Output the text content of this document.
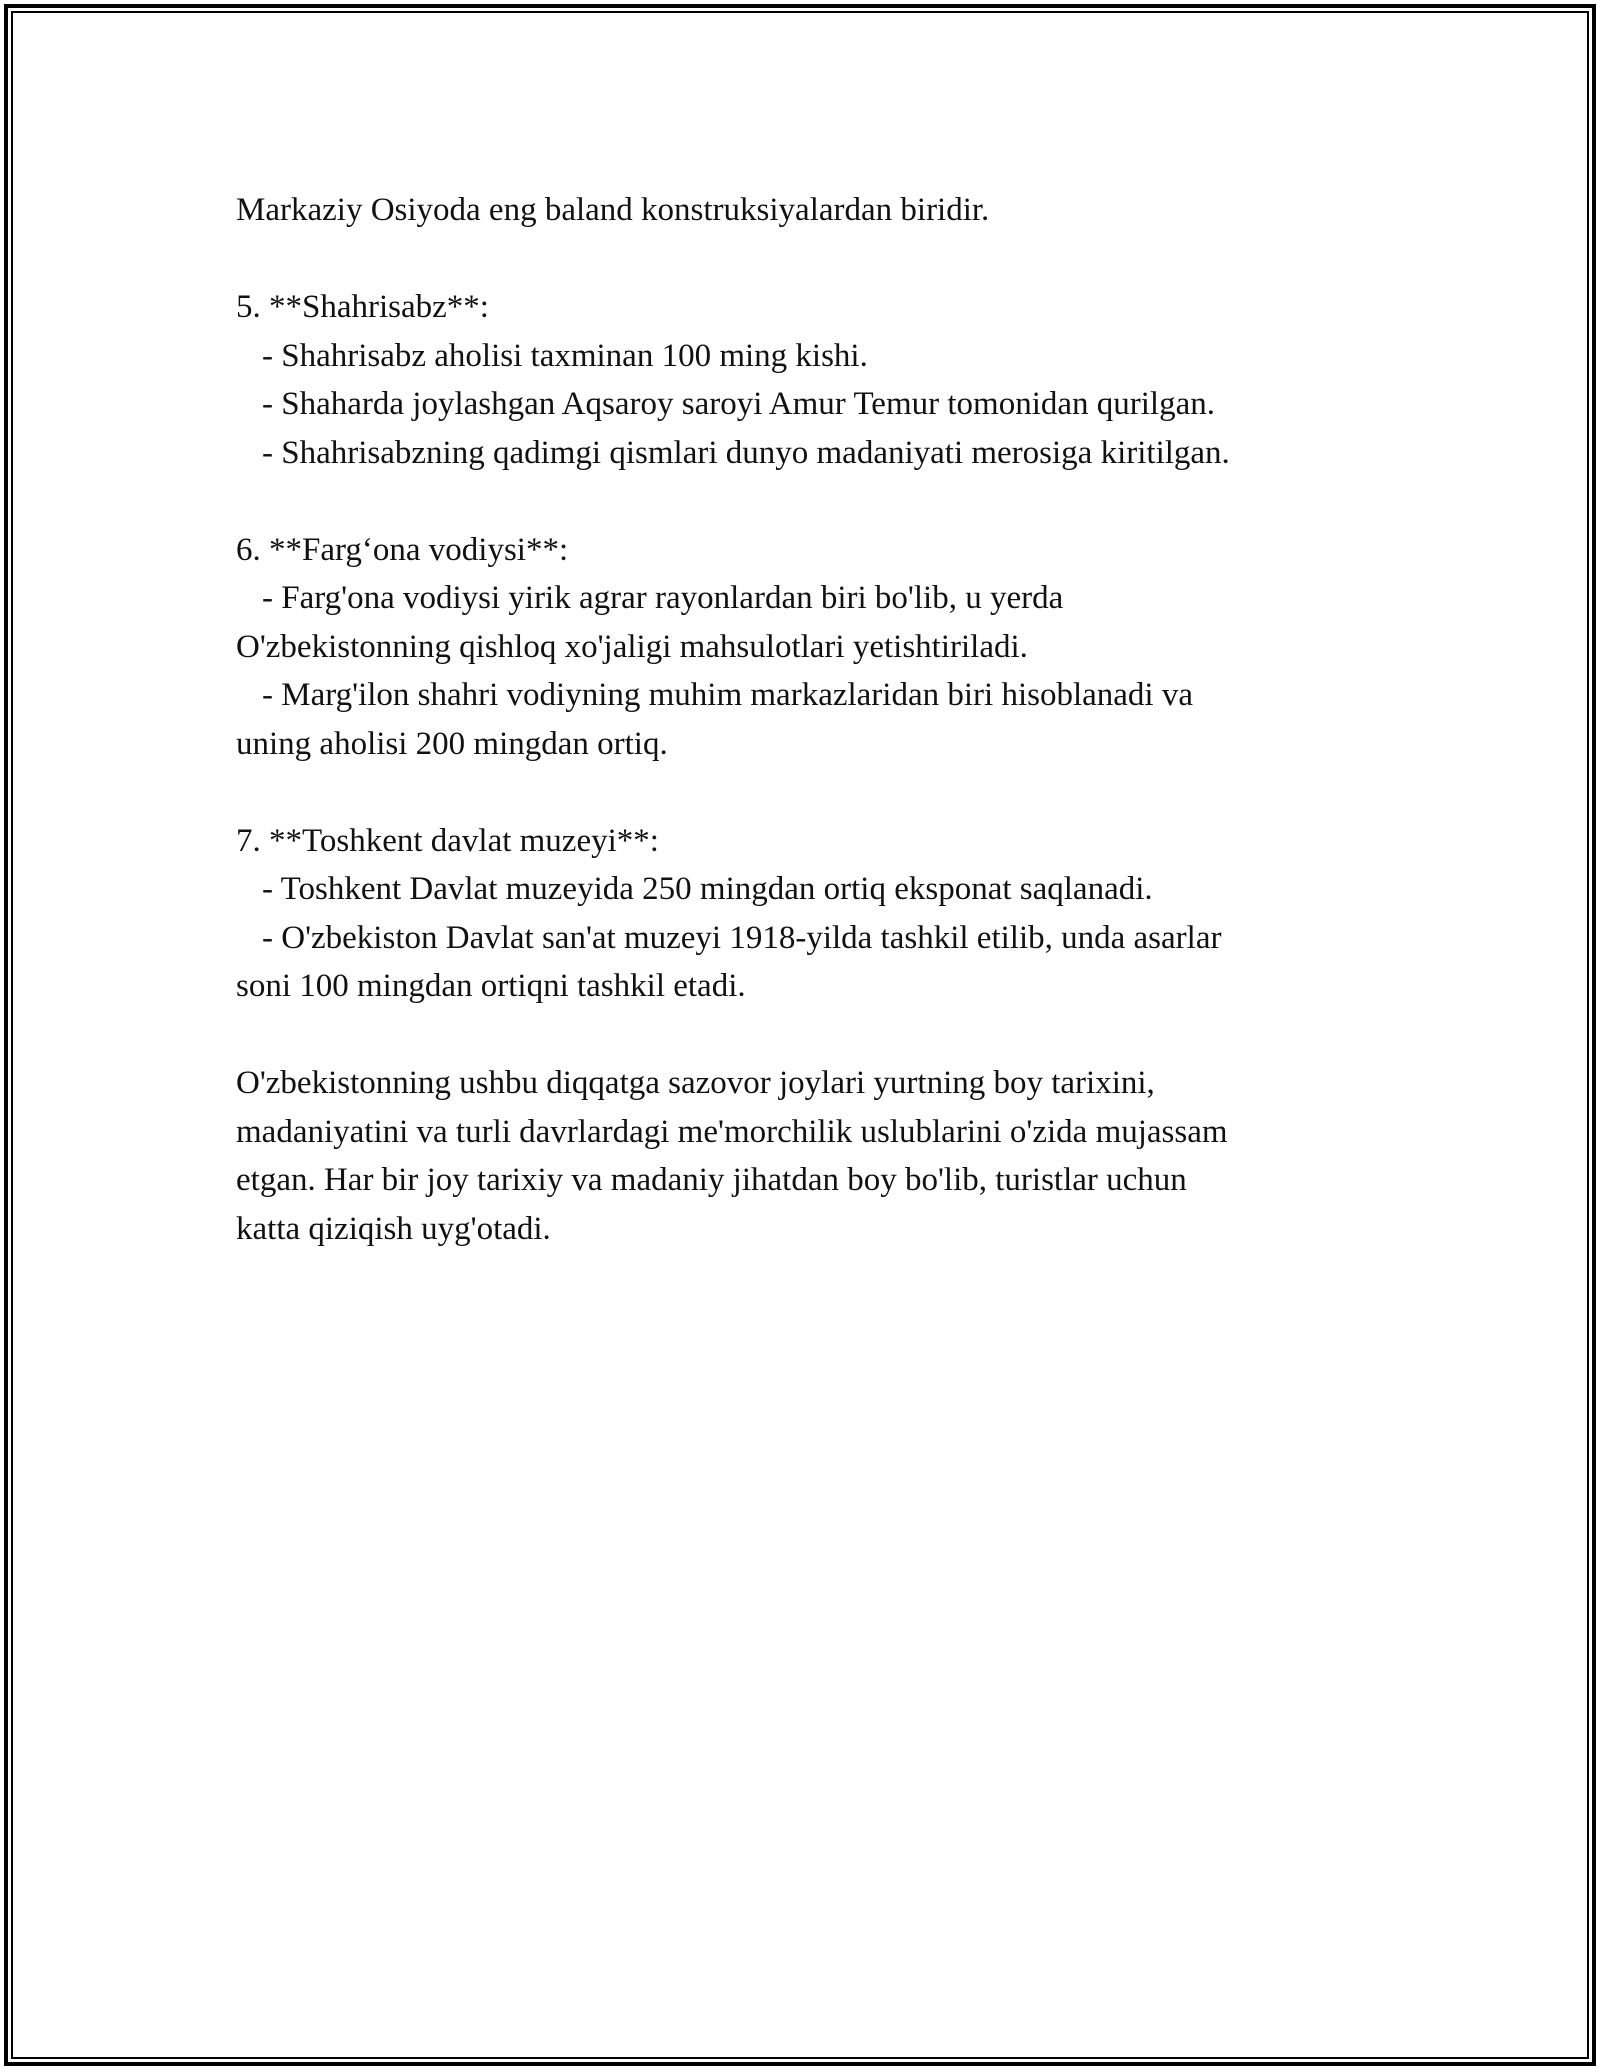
Markaziy Osiyoda eng baland konstruksiyalardan biridir.
5. **Shahrisabz**:
- Shahrisabz aholisi taxminan 100 ming kishi.
- Shaharda joylashgan Aqsaroy saroyi Amur Temur tomonidan qurilgan.
- Shahrisabzning qadimgi qismlari dunyo madaniyati merosiga kiritilgan.
6. **Farg‘ona vodiysi**:
- Farg'ona vodiysi yirik agrar rayonlardan biri bo'lib, u yerda
O'zbekistonning qishloq xo'jaligi mahsulotlari yetishtiriladi.
- Marg'ilon shahri vodiyning muhim markazlaridan biri hisoblanadi va
uning aholisi 200 mingdan ortiq.
7. **Toshkent davlat muzeyi**:
- Toshkent Davlat muzeyida 250 mingdan ortiq eksponat saqlanadi.
- O'zbekiston Davlat san'at muzeyi 1918-yilda tashkil etilib, unda asarlar
soni 100 mingdan ortiqni tashkil etadi.
O'zbekistonning ushbu diqqatga sazovor joylari yurtning boy tarixini,
madaniyatini va turli davrlardagi me'morchilik uslublarini o'zida mujassam
etgan. Har bir joy tarixiy va madaniy jihatdan boy bo'lib, turistlar uchun
katta qiziqish uyg'otadi.
